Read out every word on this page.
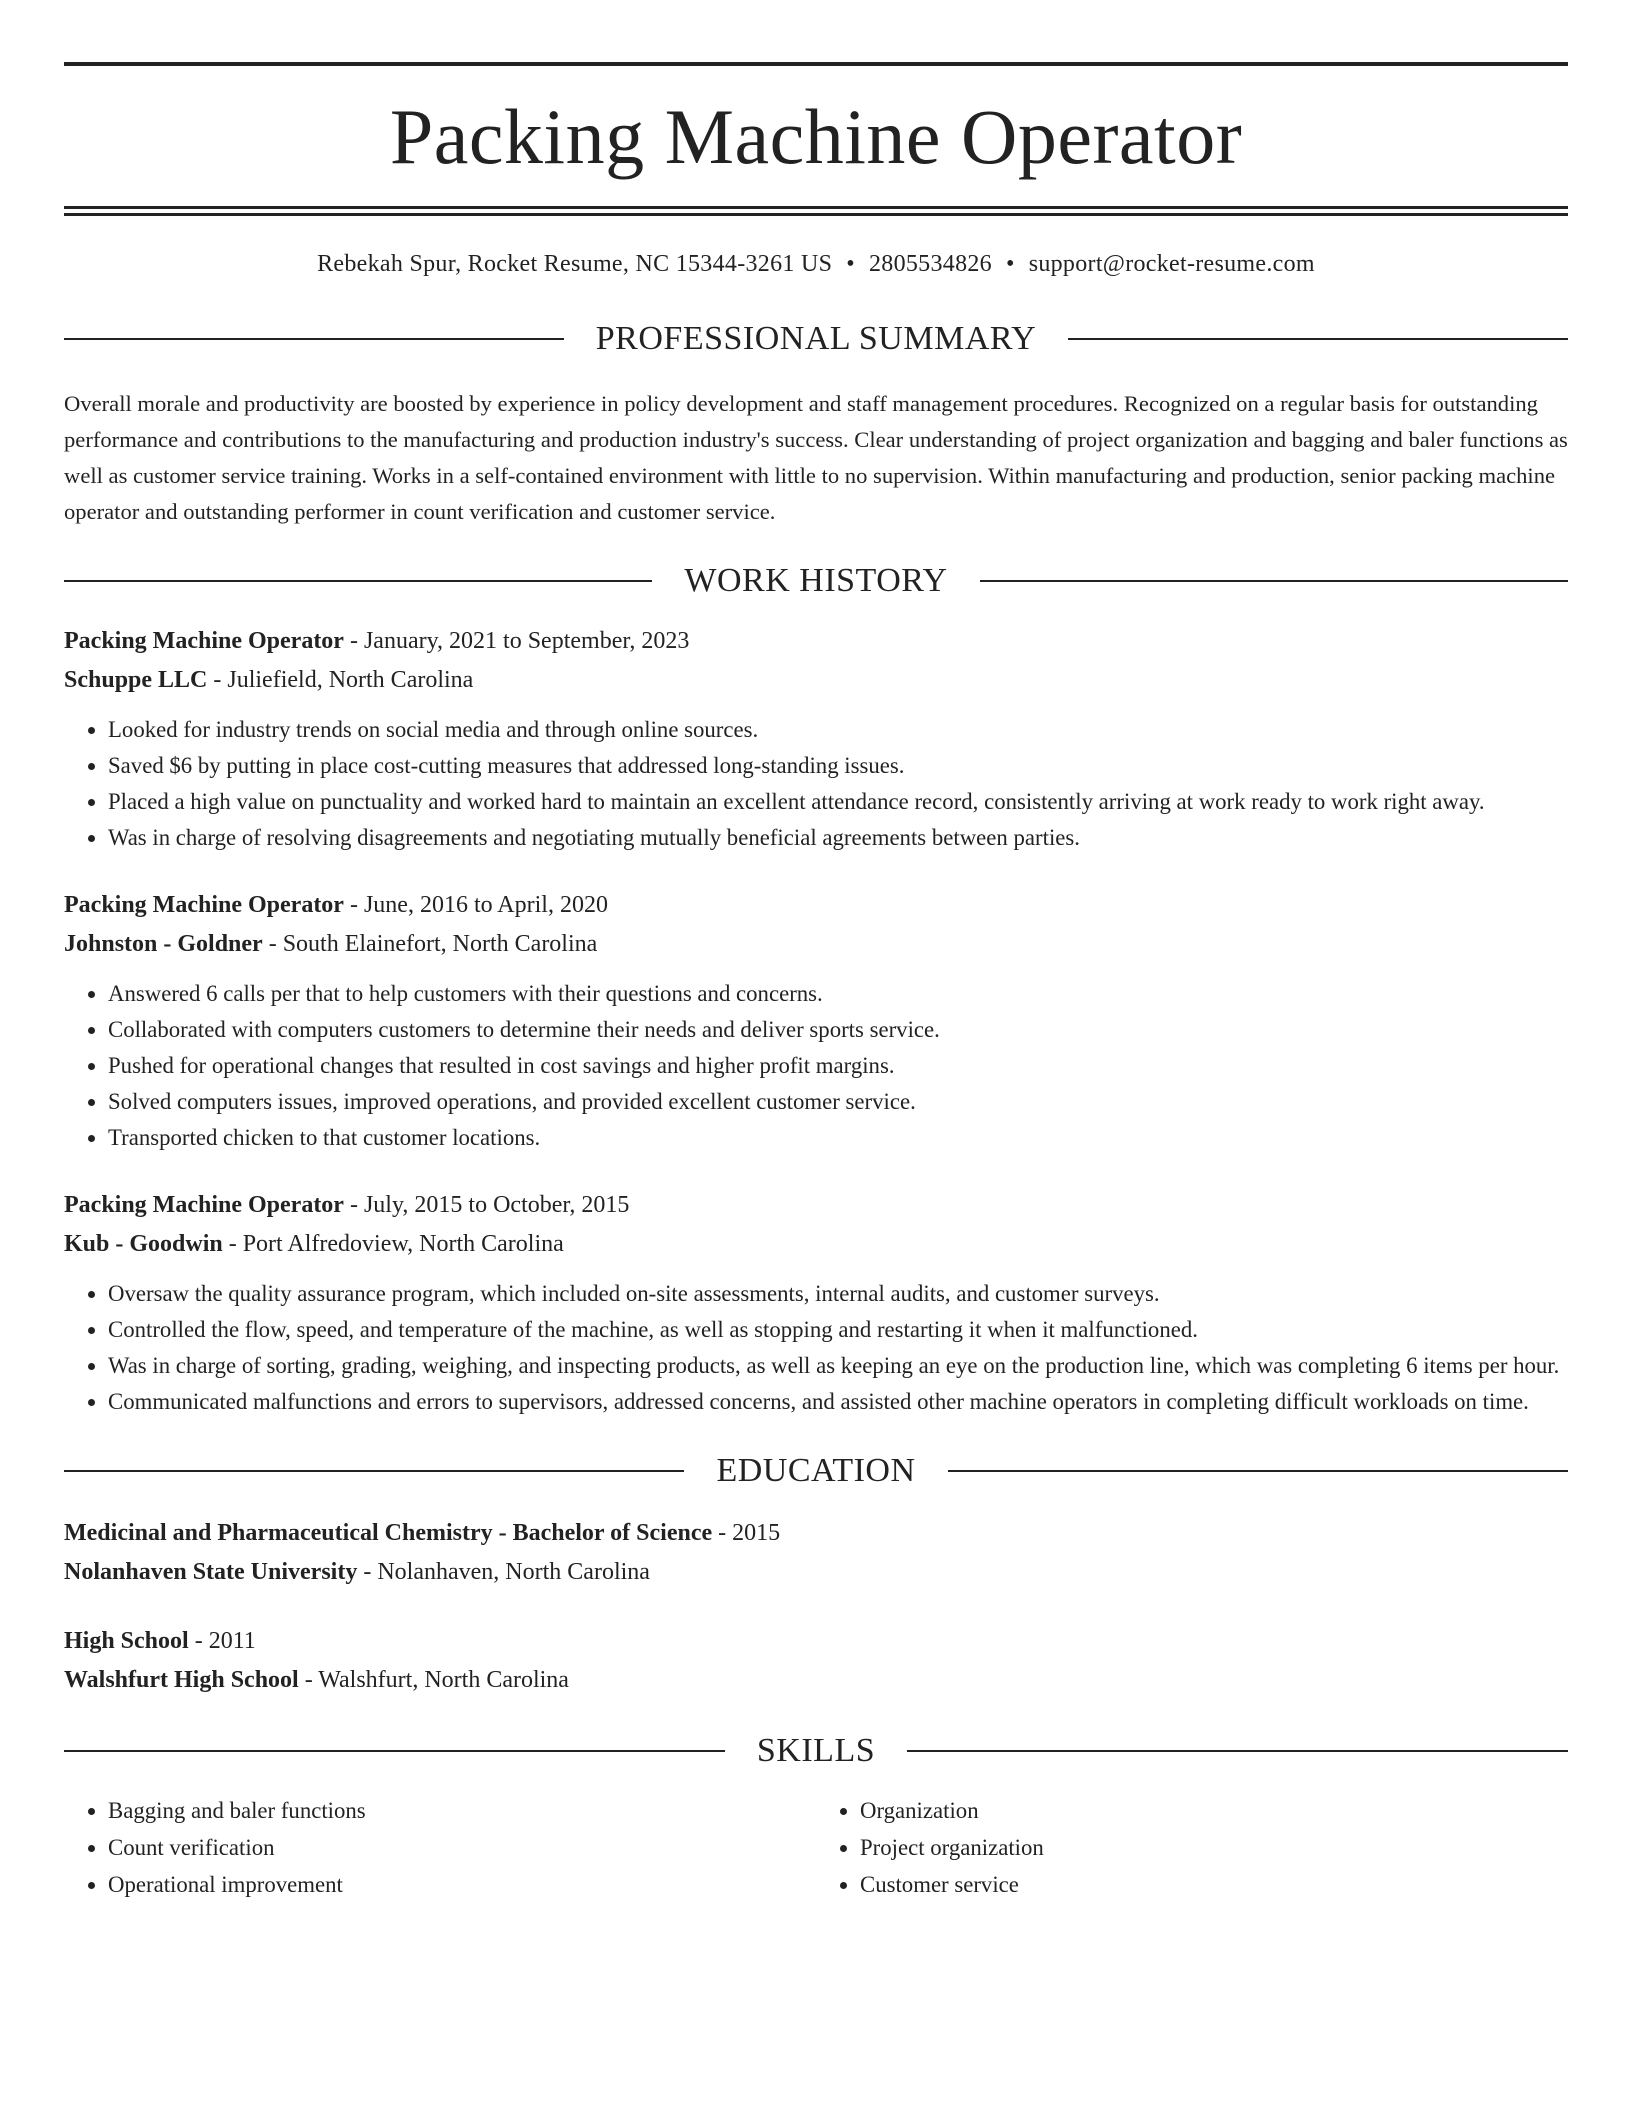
Packing Machine Operator
Rebekah Spur, Rocket Resume, NC 15344-3261 US • 2805534826 • support@rocket-resume.com
PROFESSIONAL SUMMARY
Overall morale and productivity are boosted by experience in policy development and staff management procedures. Recognized on a regular basis for outstanding performance and contributions to the manufacturing and production industry's success. Clear understanding of project organization and bagging and baler functions as well as customer service training. Works in a self-contained environment with little to no supervision. Within manufacturing and production, senior packing machine operator and outstanding performer in count verification and customer service.
WORK HISTORY
Packing Machine Operator - January, 2021 to September, 2023
Schuppe LLC - Juliefield, North Carolina
• Looked for industry trends on social media and through online sources.
• Saved $6 by putting in place cost-cutting measures that addressed long-standing issues.
• Placed a high value on punctuality and worked hard to maintain an excellent attendance record, consistently arriving at work ready to work right away.
• Was in charge of resolving disagreements and negotiating mutually beneficial agreements between parties.
Packing Machine Operator - June, 2016 to April, 2020
Johnston - Goldner - South Elainefort, North Carolina
• Answered 6 calls per that to help customers with their questions and concerns.
• Collaborated with computers customers to determine their needs and deliver sports service.
• Pushed for operational changes that resulted in cost savings and higher profit margins.
• Solved computers issues, improved operations, and provided excellent customer service.
• Transported chicken to that customer locations.
Packing Machine Operator - July, 2015 to October, 2015
Kub - Goodwin - Port Alfredoview, North Carolina
• Oversaw the quality assurance program, which included on-site assessments, internal audits, and customer surveys.
• Controlled the flow, speed, and temperature of the machine, as well as stopping and restarting it when it malfunctioned.
• Was in charge of sorting, grading, weighing, and inspecting products, as well as keeping an eye on the production line, which was completing 6 items per hour.
• Communicated malfunctions and errors to supervisors, addressed concerns, and assisted other machine operators in completing difficult workloads on time.
EDUCATION
Medicinal and Pharmaceutical Chemistry - Bachelor of Science - 2015
Nolanhaven State University - Nolanhaven, North Carolina
High School - 2011
Walshfurt High School - Walshfurt, North Carolina
SKILLS
• Bagging and baler functions
• Count verification
• Operational improvement
• Organization
• Project organization
• Customer service
